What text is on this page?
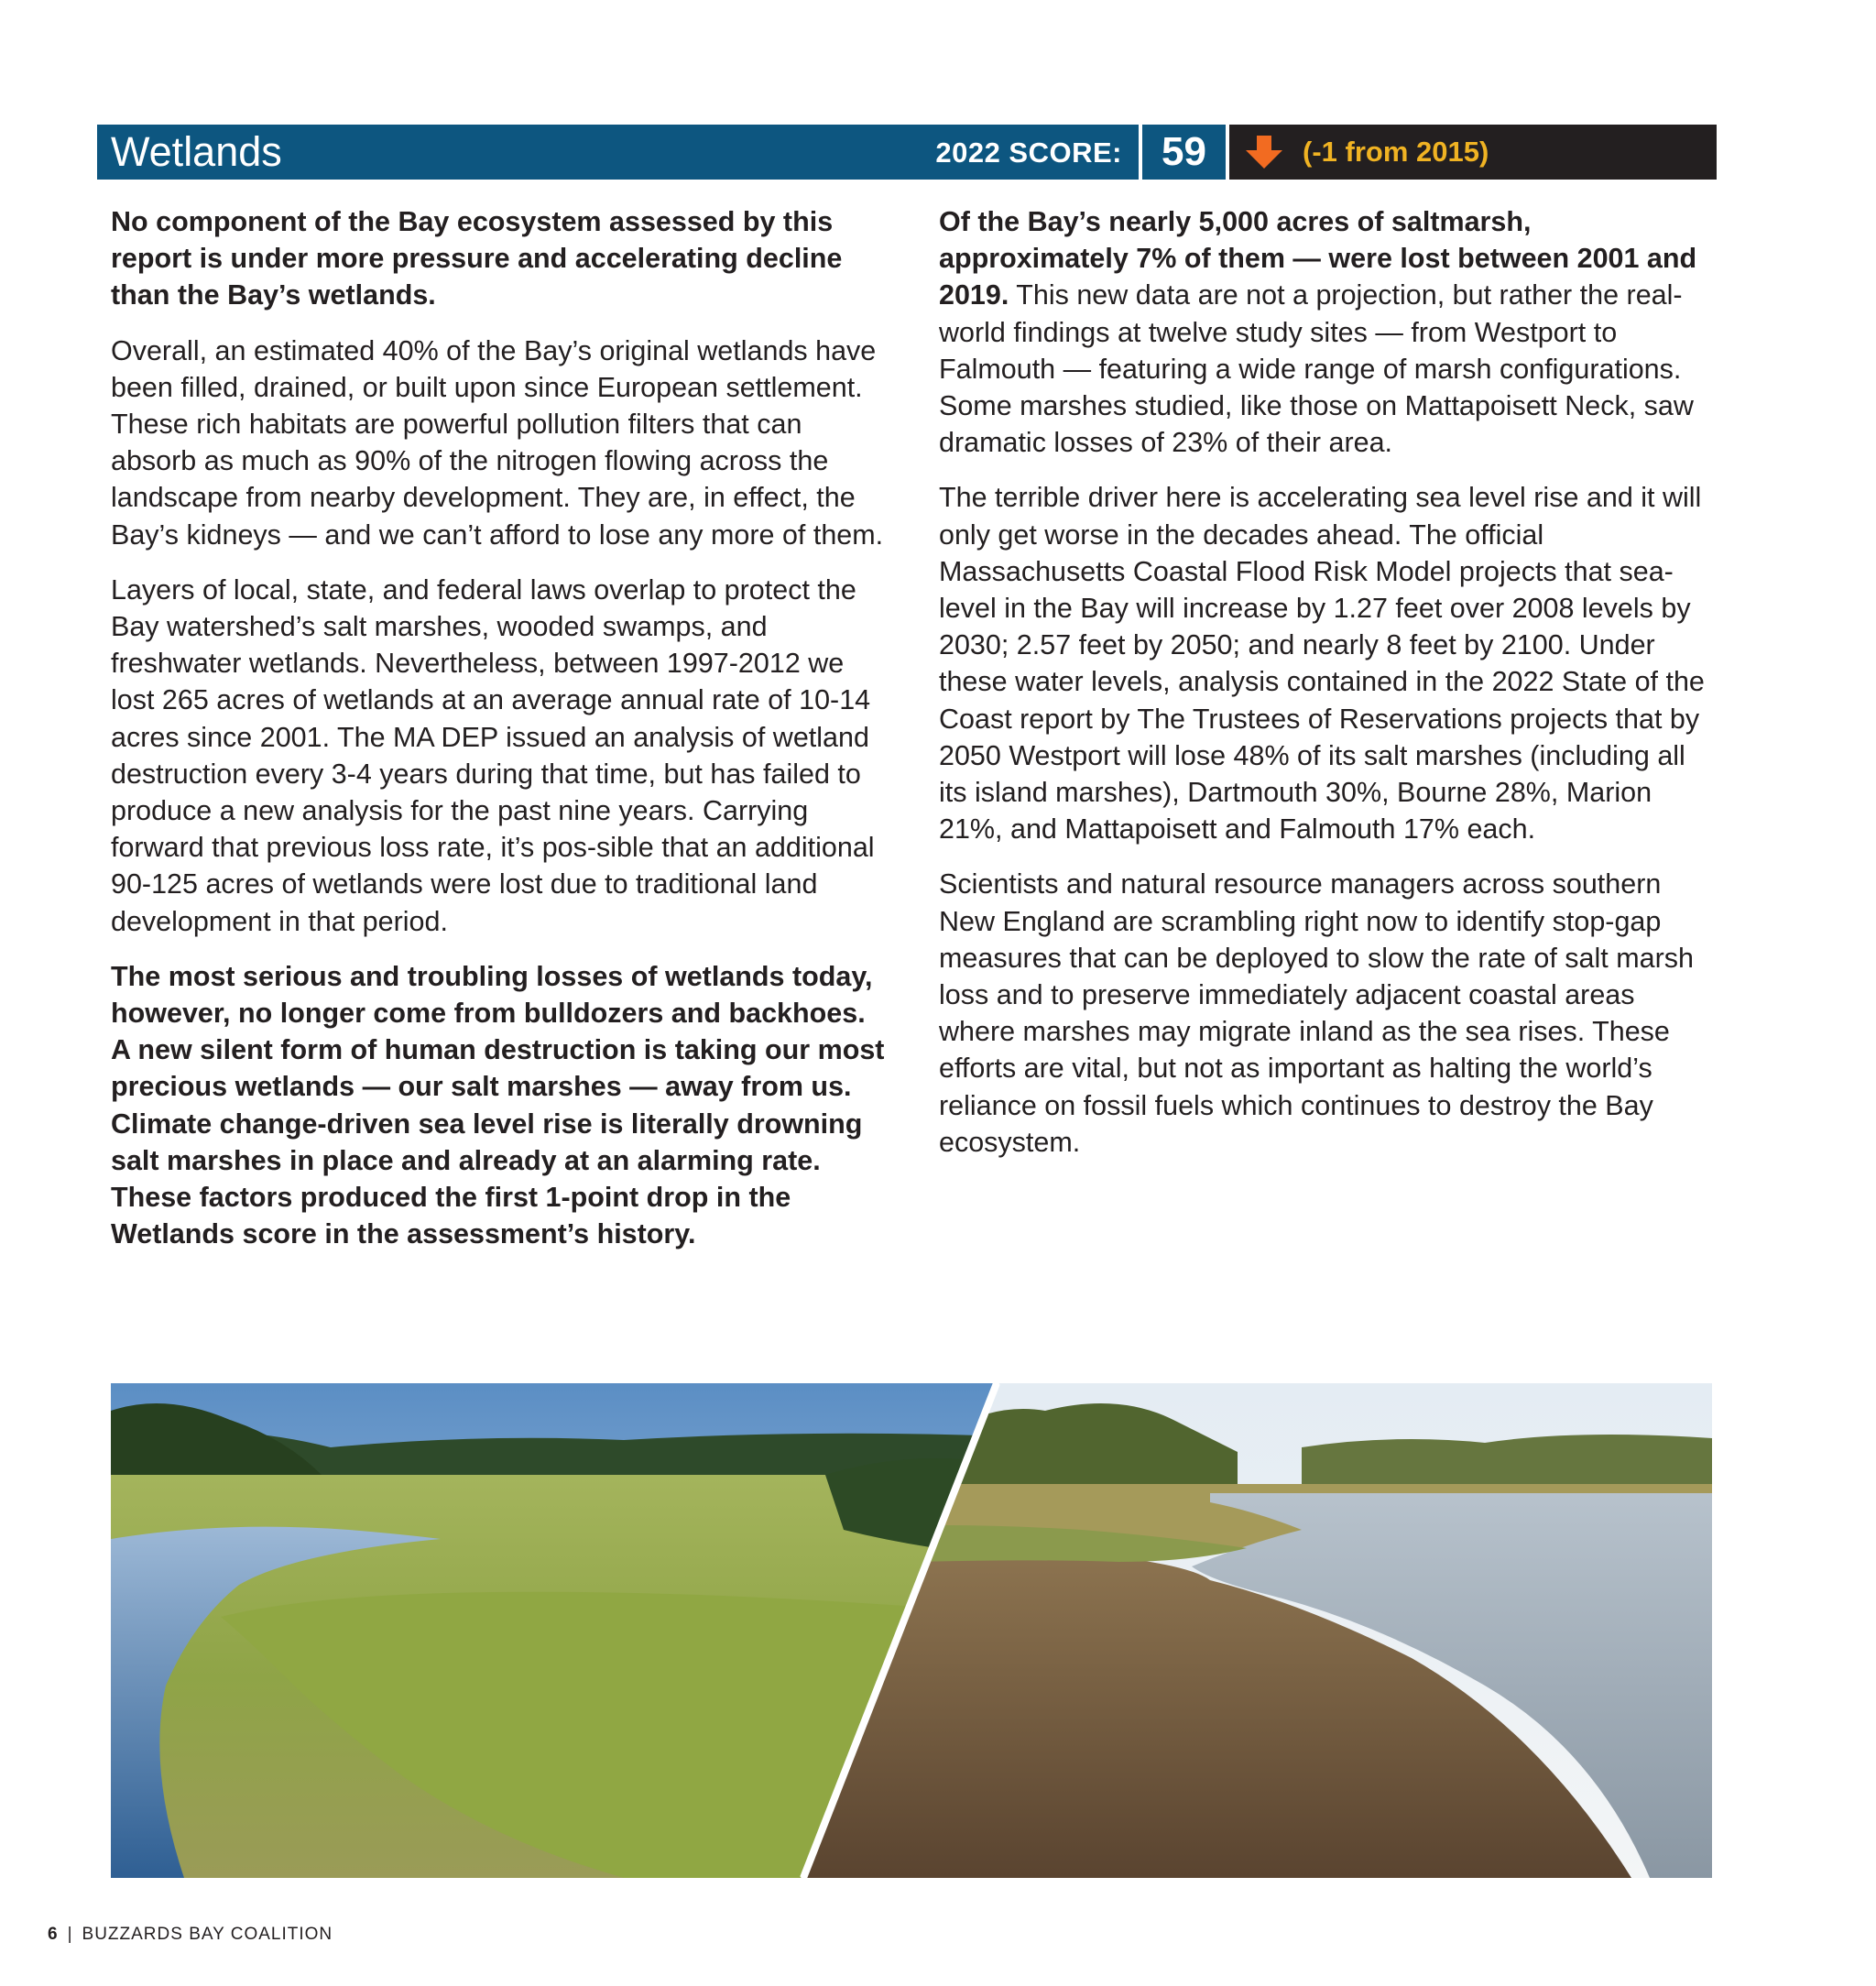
Wetlands	2022 SCORE: 59	(-1 from 2015)

No component of the Bay ecosystem assessed by this report is under more pressure and accelerating decline than the Bay’s wetlands.

Overall, an estimated 40% of the Bay’s original wetlands have been filled, drained, or built upon since European settlement. These rich habitats are powerful pollution filters that can absorb as much as 90% of the nitrogen flowing across the landscape from nearby development. They are, in effect, the Bay’s kidneys — and we can’t afford to lose any more of them.

Layers of local, state, and federal laws overlap to protect the Bay watershed’s salt marshes, wooded swamps, and freshwater wetlands. Nevertheless, between 1997-2012 we lost 265 acres of wetlands at an average annual rate of 10-14 acres since 2001. The MA DEP issued an analysis of wetland destruction every 3-4 years during that time, but has failed to produce a new analysis for the past nine years. Carrying forward that previous loss rate, it’s pos-sible that an additional 90-125 acres of wetlands were lost due to traditional land development in that period.

The most serious and troubling losses of wetlands today, however, no longer come from bulldozers and backhoes. A new silent form of human destruction is taking our most precious wetlands — our salt marshes — away from us. Climate change-driven sea level rise is literally drowning salt marshes in place and already at an alarming rate. These factors produced the first 1-point drop in the Wetlands score in the assessment’s history.

Of the Bay’s nearly 5,000 acres of saltmarsh, approximately 7% of them — were lost between 2001 and 2019. This new data are not a projection, but rather the real-world findings at twelve study sites — from Westport to Falmouth — featuring a wide range of marsh configurations. Some marshes studied, like those on Mattapoisett Neck, saw dramatic losses of 23% of their area.

The terrible driver here is accelerating sea level rise and it will only get worse in the decades ahead. The official Massachusetts Coastal Flood Risk Model projects that sea-level in the Bay will increase by 1.27 feet over 2008 levels by 2030; 2.57 feet by 2050; and nearly 8 feet by 2100. Under these water levels, analysis contained in the 2022 State of the Coast report by The Trustees of Reservations projects that by 2050 Westport will lose 48% of its salt marshes (including all its island marshes), Dartmouth 30%, Bourne 28%, Marion 21%, and Mattapoisett and Falmouth 17% each.

Scientists and natural resource managers across southern New England are scrambling right now to identify stop-gap measures that can be deployed to slow the rate of salt marsh loss and to preserve immediately adjacent coastal areas where marshes may migrate inland as the sea rises. These efforts are vital, but not as important as halting the world’s reliance on fossil fuels which continues to destroy the Bay ecosystem.

6 | BUZZARDS BAY COALITION
